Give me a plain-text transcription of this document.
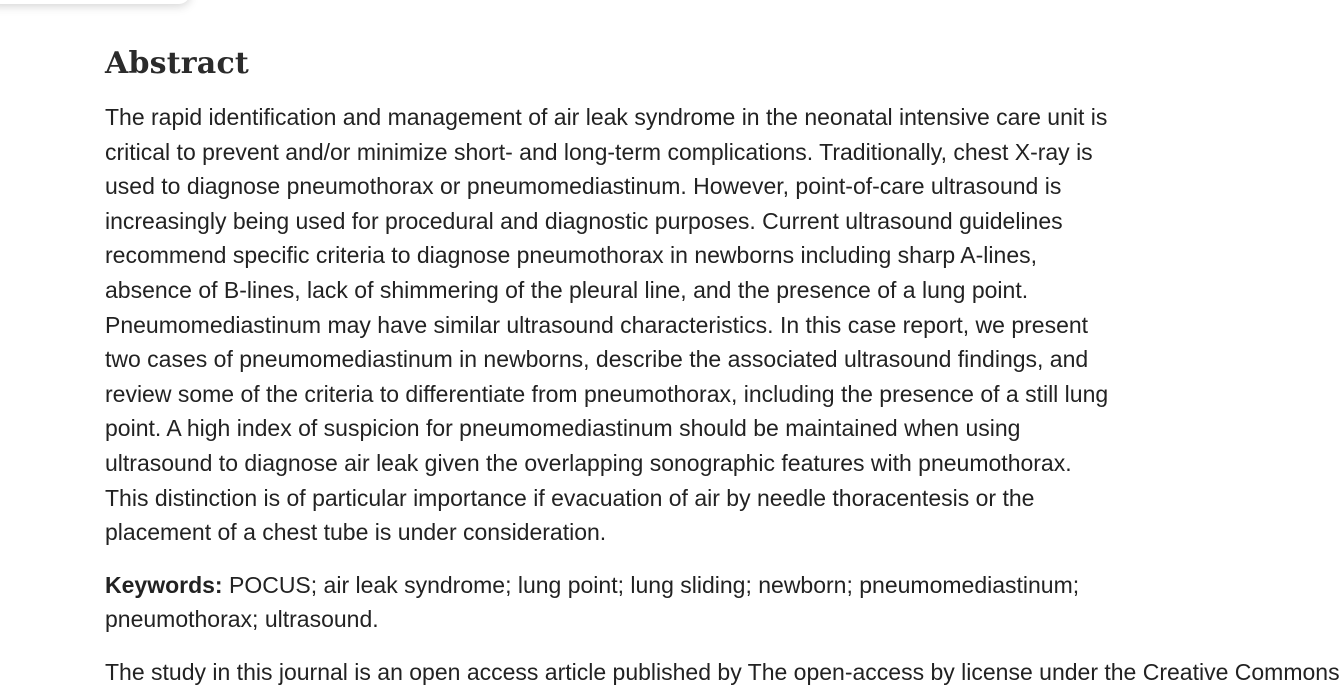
Abstract

The rapid identification and management of air leak syndrome in the neonatal intensive care unit is
critical to prevent and/or minimize short- and long-term complications. Traditionally, chest X-ray is
used to diagnose pneumothorax or pneumomediastinum. However, point-of-care ultrasound is
increasingly being used for procedural and diagnostic purposes. Current ultrasound guidelines
recommend specific criteria to diagnose pneumothorax in newborns including sharp A-lines,
absence of B-lines, lack of shimmering of the pleural line, and the presence of a lung point.
Pneumomediastinum may have similar ultrasound characteristics. In this case report, we present
two cases of pneumomediastinum in newborns, describe the associated ultrasound findings, and
review some of the criteria to differentiate from pneumothorax, including the presence of a still lung
point. A high index of suspicion for pneumomediastinum should be maintained when using
ultrasound to diagnose air leak given the overlapping sonographic features with pneumothorax.
This distinction is of particular importance if evacuation of air by needle thoracentesis or the
placement of a chest tube is under consideration.

Keywords: POCUS; air leak syndrome; lung point; lung sliding; newborn; pneumomediastinum;
pneumothorax; ultrasound.

The study in this journal is an open access article published by The open-access by license under the Creative Commons
